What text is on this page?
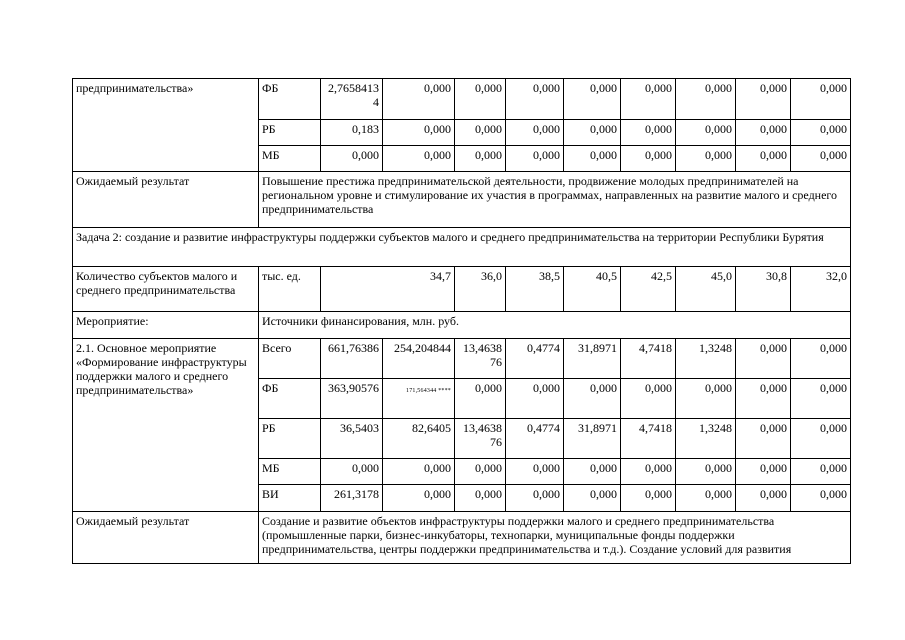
предпринимательства»	ФБ	2,76584134	0,000	0,000	0,000	0,000	0,000	0,000	0,000	0,000	
	РБ	0,183	0,000	0,000	0,000	0,000	0,000	0,000	0,000	0,000	
	МБ	0,000	0,000	0,000	0,000	0,000	0,000	0,000	0,000	0,000	
Ожидаемый результат	Повышение престижа предпринимательской деятельности, продвижение молодых предпринимателей на региональном уровне и стимулирование их участия в программах, направленных на развитие малого и среднего предпринимательства										
Задача 2: создание и развитие инфраструктуры поддержки субъектов малого и среднего предпринимательства на территории Республики Бурятия											
Количество субъектов малого и среднего предпринимательства	тыс. ед.	34,7		36,0	38,5	40,5	42,5	45,0	30,8	32,0	
Мероприятие:	Источники финансирования, млн. руб.										
2.1. Основное мероприятие «Формирование инфраструктуры поддержки малого и среднего предпринимательства»	Всего	661,76386	254,204844	13,463876	0,4774	31,8971	4,7418	1,3248	0,000	0,000	
	ФБ	363,90576	171,564344 ****	0,000	0,000	0,000	0,000	0,000	0,000	0,000	
	РБ	36,5403	82,6405	13,463876	0,4774	31,8971	4,7418	1,3248	0,000	0,000	
	МБ	0,000	0,000	0,000	0,000	0,000	0,000	0,000	0,000	0,000	
	ВИ	261,3178	0,000	0,000	0,000	0,000	0,000	0,000	0,000	0,000	
Ожидаемый результат	Создание и развитие объектов инфраструктуры поддержки малого и среднего предпринимательства (промышленные парки, бизнес-инкубаторы, технопарки, муниципальные фонды поддержки предпринимательства, центры поддержки предпринимательства и т.д.). Создание условий для развития										
